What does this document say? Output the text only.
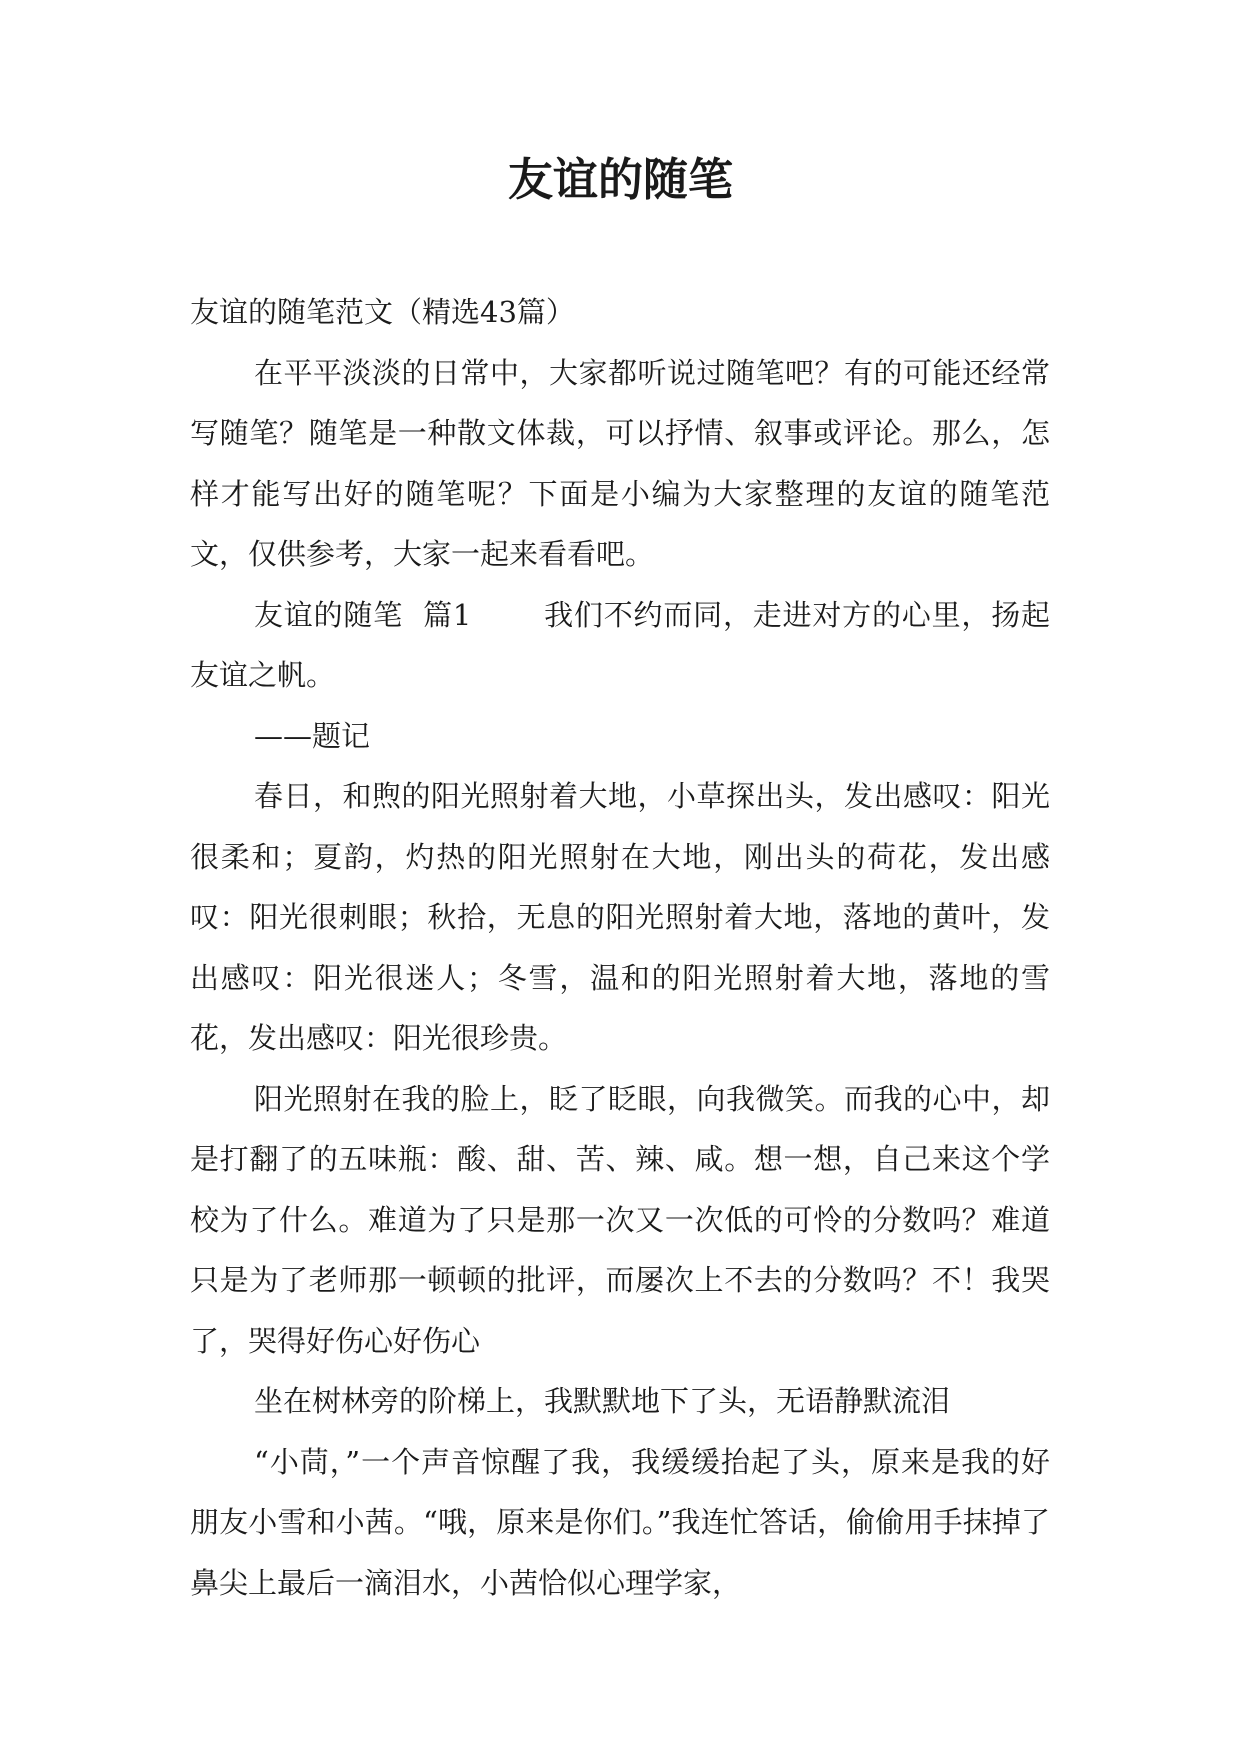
友谊的随笔

友谊的随笔范文（精选43篇）

在平平淡淡的日常中，大家都听说过随笔吧？有的可能还经常写随笔？随笔是一种散文体裁，可以抒情、叙事或评论。那么，怎样才能写出好的随笔呢？下面是小编为大家整理的友谊的随笔范文，仅供参考，大家一起来看看吧。

友谊的随笔  篇1 我们不约而同，走进对方的心里，扬起友谊之帆。

——题记

春日，和煦的阳光照射着大地，小草探出头，发出感叹：阳光很柔和；夏韵，灼热的阳光照射在大地，刚出头的荷花，发出感叹：阳光很刺眼；秋拾，无息的阳光照射着大地，落地的黄叶，发出感叹：阳光很迷人；冬雪，温和的阳光照射着大地，落地的雪花，发出感叹：阳光很珍贵。

阳光照射在我的脸上，眨了眨眼，向我微笑。而我的心中，却是打翻了的五味瓶：酸、甜、苦、辣、咸。想一想，自己来这个学校为了什么。难道为了只是那一次又一次低的可怜的分数吗？难道只是为了老师那一顿顿的批评，而屡次上不去的分数吗？不！我哭了，哭得好伤心好伤心

坐在树林旁的阶梯上，我默默地下了头，无语静默流泪

“小茼，”一个声音惊醒了我，我缓缓抬起了头，原来是我的好朋友小雪和小茜。“哦，原来是你们。”我连忙答话，偷偷用手抹掉了鼻尖上最后一滴泪水，小茜恰似心理学家，
